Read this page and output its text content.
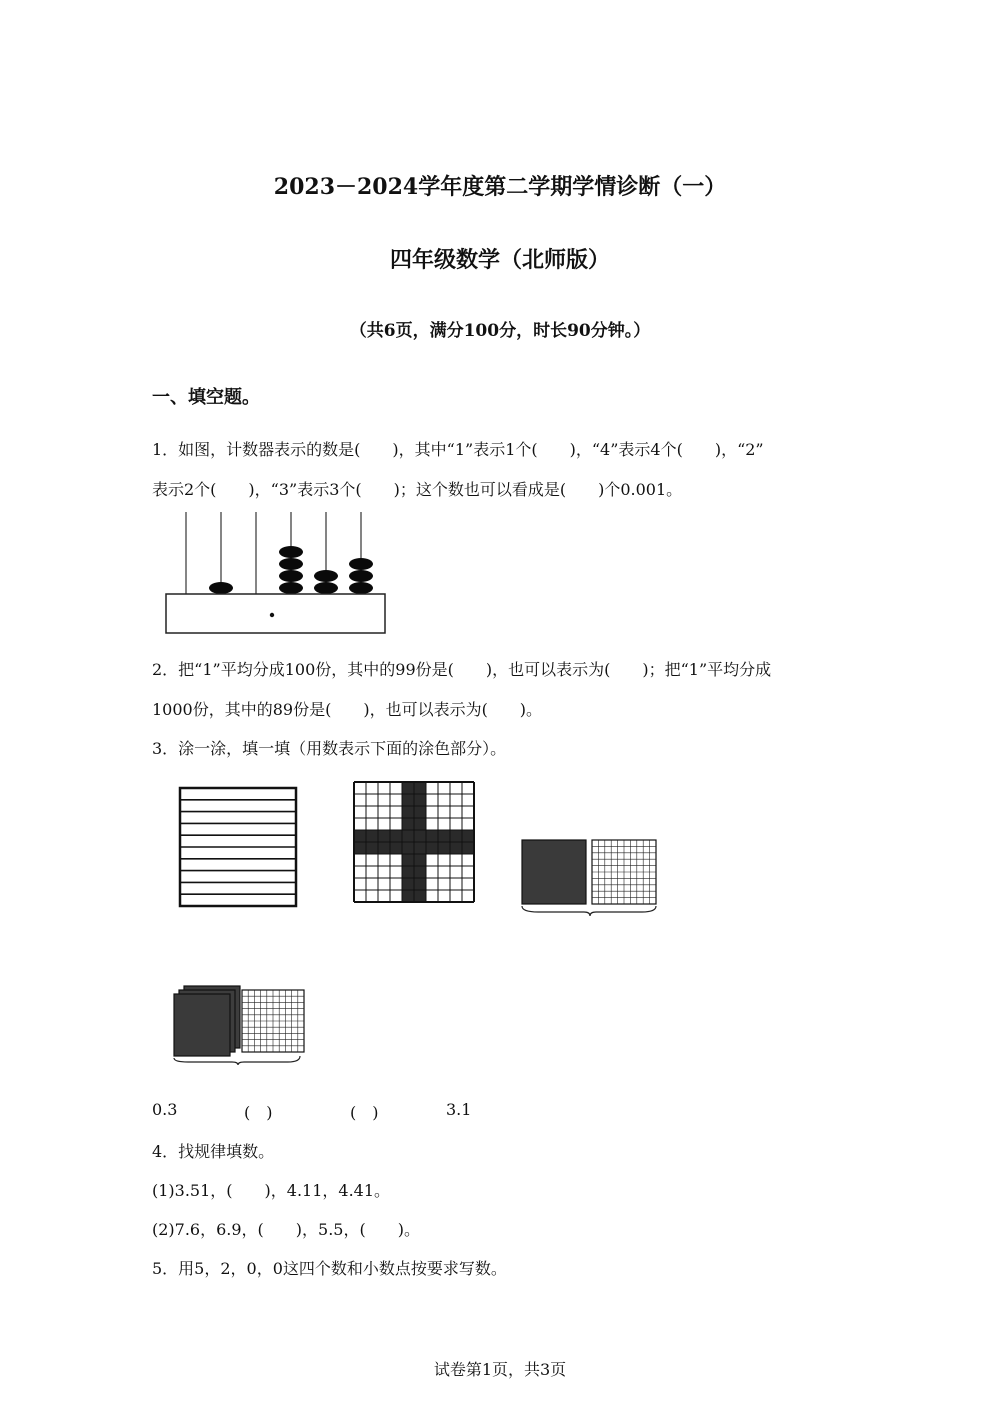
2023－2024学年度第二学期学情诊断（一）
四年级数学（北师版）
（共6页，满分100分，时长90分钟。）
一、填空题。
1．如图，计数器表示的数是(　　)，其中“1”表示1个(　　)，“4”表示4个(　　)，“2”
表示2个(　　)，“3”表示3个(　　)；这个数也可以看成是(　　)个0.001。
2．把“1”平均分成100份，其中的99份是(　　)，也可以表示为(　　)；把“1”平均分成
1000份，其中的89份是(　　)，也可以表示为(　　)。
3．涂一涂，填一填（用数表示下面的涂色部分）。
0.3	(　)	(　)	3.1
4．找规律填数。
(1)3.51，(　　)，4.11，4.41。
(2)7.6，6.9，(　　)，5.5，(　　)。
5．用5，2，0，0这四个数和小数点按要求写数。
试卷第1页，共3页
